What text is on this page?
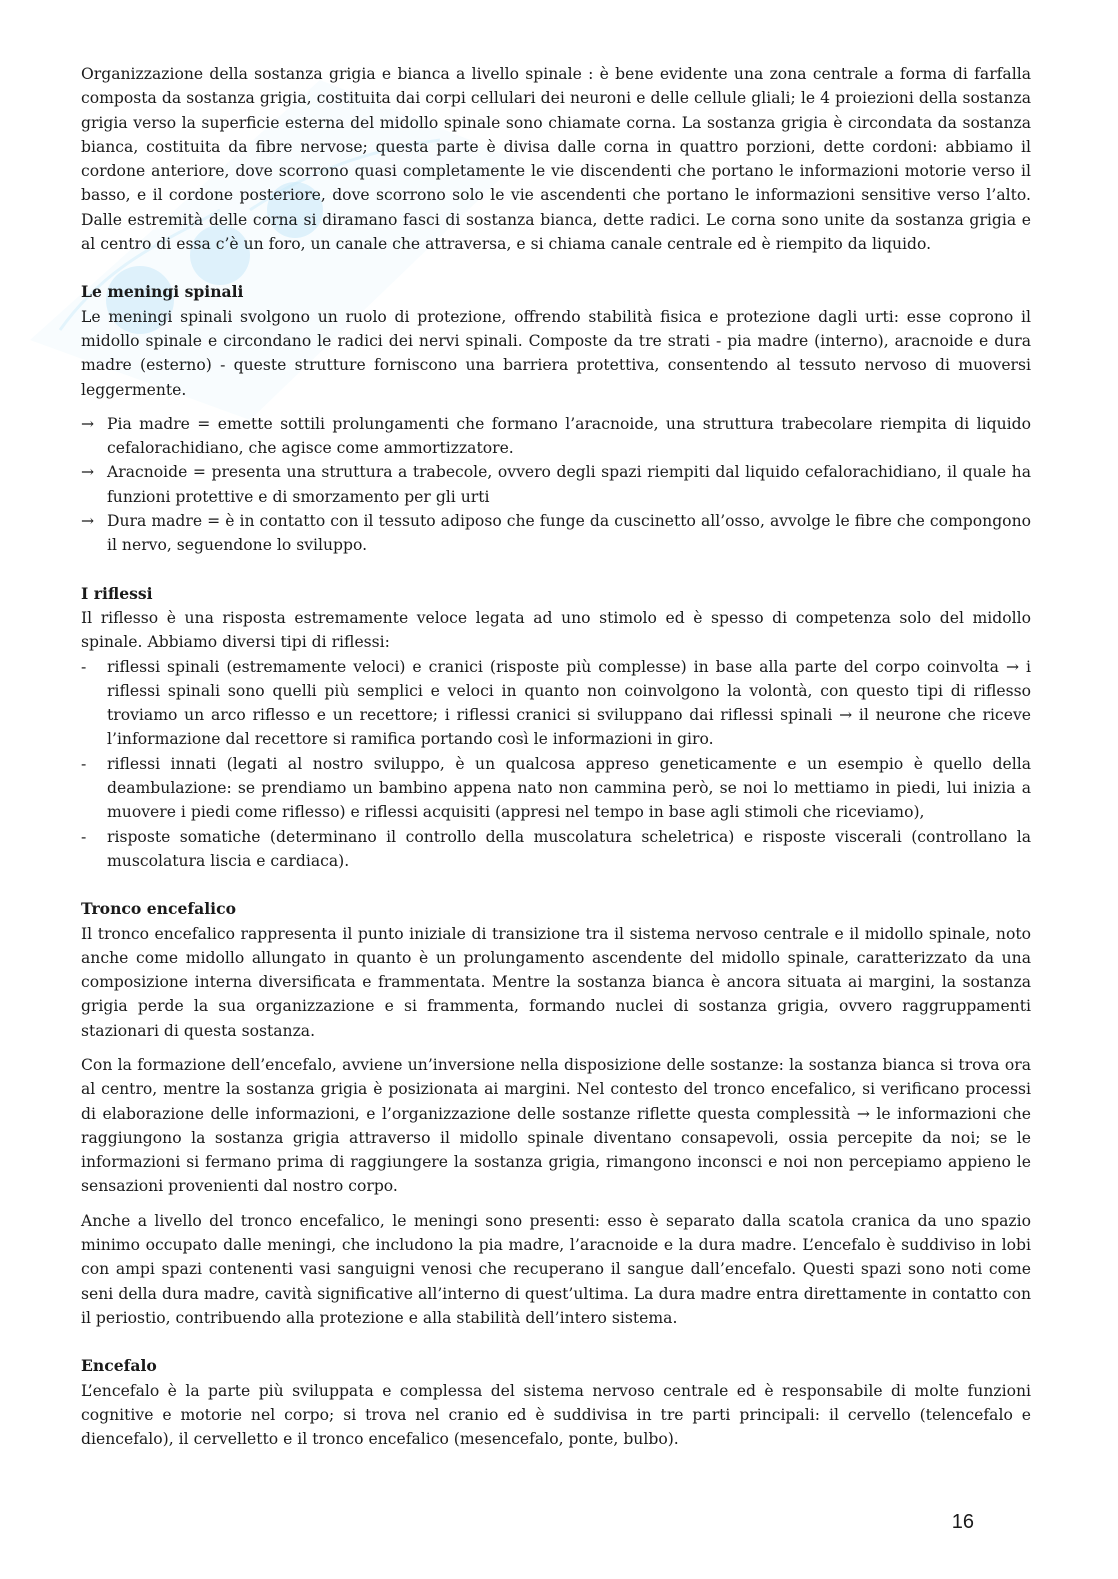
Organizzazione della sostanza grigia e bianca a livello spinale : è bene evidente una zona centrale a forma di farfalla composta da sostanza grigia, costituita dai corpi cellulari dei neuroni e delle cellule gliali; le 4 proiezioni della sostanza grigia verso la superficie esterna del midollo spinale sono chiamate corna. La sostanza grigia è circondata da sostanza bianca, costituita da fibre nervose; questa parte è divisa dalle corna in quattro porzioni, dette cordoni: abbiamo il cordone anteriore, dove scorrono quasi completamente le vie discendenti che portano le informazioni motorie verso il basso, e il cordone posteriore, dove scorrono solo le vie ascendenti che portano le informazioni sensitive verso l’alto. Dalle estremità delle corna si diramano fasci di sostanza bianca, dette radici. Le corna sono unite da sostanza grigia e al centro di essa c’è un foro, un canale che attraversa, e si chiama canale centrale ed è riempito da liquido.

Le meningi spinali

Le meningi spinali svolgono un ruolo di protezione, offrendo stabilità fisica e protezione dagli urti: esse coprono il midollo spinale e circondano le radici dei nervi spinali. Composte da tre strati - pia madre (interno), aracnoide e dura madre (esterno) - queste strutture forniscono una barriera protettiva, consentendo al tessuto nervoso di muoversi leggermente.

→ Pia madre = emette sottili prolungamenti che formano l’aracnoide, una struttura trabecolare riempita di liquido cefalorachidiano, che agisce come ammortizzatore.
→ Aracnoide = presenta una struttura a trabecole, ovvero degli spazi riempiti dal liquido cefalorachidiano, il quale ha funzioni protettive e di smorzamento per gli urti
→ Dura madre = è in contatto con il tessuto adiposo che funge da cuscinetto all’osso, avvolge le fibre che compongono il nervo, seguendone lo sviluppo.
I riflessi

Il riflesso è una risposta estremamente veloce legata ad uno stimolo ed è spesso di competenza solo del midollo spinale. Abbiamo diversi tipi di riflessi:

-	riflessi spinali (estremamente veloci) e cranici (risposte più complesse) in base alla parte del corpo coinvolta → i riflessi spinali sono quelli più semplici e veloci in quanto non coinvolgono la volontà, con questo tipi di riflesso troviamo un arco riflesso e un recettore; i riflessi cranici si sviluppano dai riflessi spinali → il neurone che riceve l’informazione dal recettore si ramifica portando così le informazioni in giro.
-	riflessi innati (legati al nostro sviluppo, è un qualcosa appreso geneticamente e un esempio è quello della deambulazione: se prendiamo un bambino appena nato non cammina però, se noi lo mettiamo in piedi, lui inizia a muovere i piedi come riflesso) e riflessi acquisiti (appresi nel tempo in base agli stimoli che riceviamo),
-	risposte somatiche (determinano il controllo della muscolatura scheletrica) e risposte viscerali (controllano la muscolatura liscia e cardiaca).
Tronco encefalico

Il tronco encefalico rappresenta il punto iniziale di transizione tra il sistema nervoso centrale e il midollo spinale, noto anche come midollo allungato in quanto è un prolungamento ascendente del midollo spinale, caratterizzato da una composizione interna diversificata e frammentata. Mentre la sostanza bianca è ancora situata ai margini, la sostanza grigia perde la sua organizzazione e si frammenta, formando nuclei di sostanza grigia, ovvero raggruppamenti stazionari di questa sostanza.

Con la formazione dell’encefalo, avviene un’inversione nella disposizione delle sostanze: la sostanza bianca si trova ora al centro, mentre la sostanza grigia è posizionata ai margini. Nel contesto del tronco encefalico, si verificano processi di elaborazione delle informazioni, e l’organizzazione delle sostanze riflette questa complessità → le informazioni che raggiungono la sostanza grigia attraverso il midollo spinale diventano consapevoli, ossia percepite da noi; se le informazioni si fermano prima di raggiungere la sostanza grigia, rimangono inconsci e noi non percepiamo appieno le sensazioni provenienti dal nostro corpo.

Anche a livello del tronco encefalico, le meningi sono presenti: esso è separato dalla scatola cranica da uno spazio minimo occupato dalle meningi, che includono la pia madre, l’aracnoide e la dura madre. L’encefalo è suddiviso in lobi con ampi spazi contenenti vasi sanguigni venosi che recuperano il sangue dall’encefalo. Questi spazi sono noti come seni della dura madre, cavità significative all’interno di quest’ultima. La dura madre entra direttamente in contatto con il periostio, contribuendo alla protezione e alla stabilità dell’intero sistema.

Encefalo

L’encefalo è la parte più sviluppata e complessa del sistema nervoso centrale ed è responsabile di molte funzioni cognitive e motorie nel corpo; si trova nel cranio ed è suddivisa in tre parti principali: il cervello (telencefalo e diencefalo), il cervelletto e il tronco encefalico (mesencefalo, ponte, bulbo).

16
